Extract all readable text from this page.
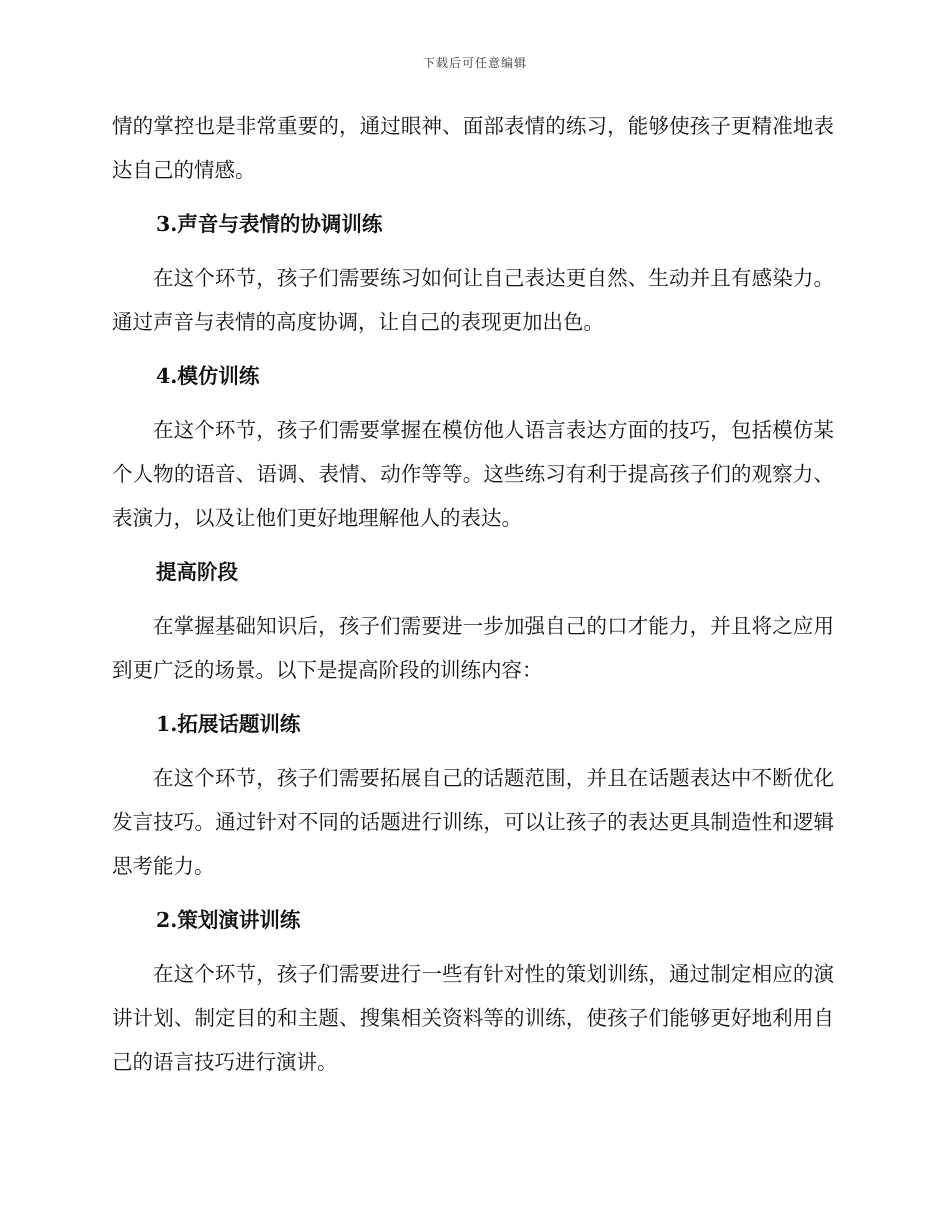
下载后可任意编辑

情的掌控也是非常重要的，通过眼神、面部表情的练习，能够使孩子更精准地表达自己的情感。

3.声音与表情的协调训练

在这个环节，孩子们需要练习如何让自己表达更自然、生动并且有感染力。通过声音与表情的高度协调，让自己的表现更加出色。

4.模仿训练

在这个环节，孩子们需要掌握在模仿他人语言表达方面的技巧，包括模仿某个人物的语音、语调、表情、动作等等。这些练习有利于提高孩子们的观察力、表演力，以及让他们更好地理解他人的表达。

提高阶段

在掌握基础知识后，孩子们需要进一步加强自己的口才能力，并且将之应用到更广泛的场景。以下是提高阶段的训练内容：

1.拓展话题训练

在这个环节，孩子们需要拓展自己的话题范围，并且在话题表达中不断优化发言技巧。通过针对不同的话题进行训练，可以让孩子的表达更具制造性和逻辑思考能力。

2.策划演讲训练

在这个环节，孩子们需要进行一些有针对性的策划训练，通过制定相应的演讲计划、制定目的和主题、搜集相关资料等的训练，使孩子们能够更好地利用自己的语言技巧进行演讲。
